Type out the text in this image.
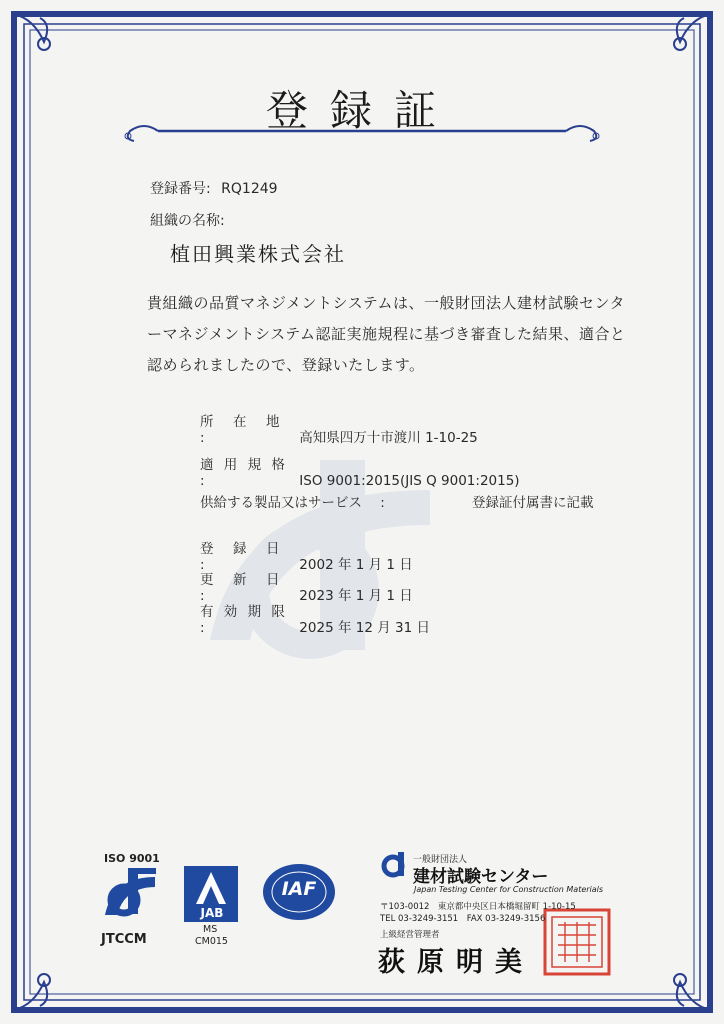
登録証
登録番号: RQ1249
組織の名称:
植田興業株式会社
貴組織の品質マネジメントシステムは、一般財団法人建材試験センターマネジメントシステム認証実施規程に基づき審査した結果、適合と認められましたので、登録いたします。
所　在　地 :	高知県四万十市渡川 1-10-25
適 用 規 格 :	ISO 9001:2015(JIS Q 9001:2015)
供給する製品又はサービス :	登録証付属書に記載
登　録　日 :	2002 年 1 月 1 日
更　新　日 :	2023 年 1 月 1 日
有 効 期 限 :	2025 年 12 月 31 日
ISO 9001
JTCCM
JAB
MS
CM015
IAF
一般財団法人
建材試験センター
Japan Testing Center for Construction Materials
〒103-0012　東京都中央区日本橋堀留町 1-10-15
TEL 03-3249-3151　FAX 03-3249-3156
上級経営管理者
荻原明美
